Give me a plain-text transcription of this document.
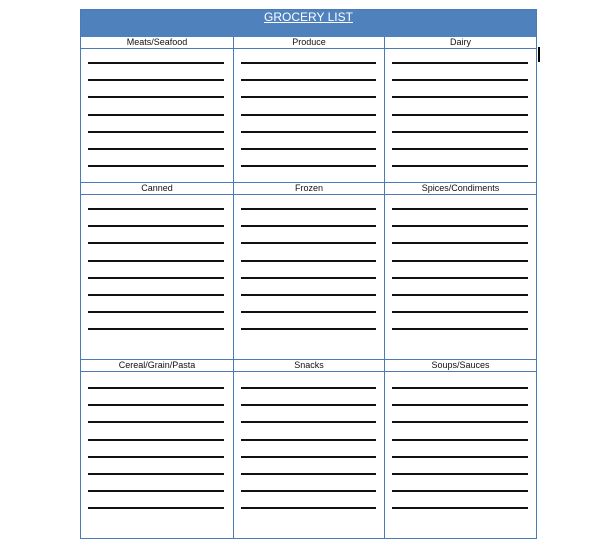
GROCERY LIST
Meats/Seafood	Produce	Dairy
Canned	Frozen	Spices/Condiments
Cereal/Grain/Pasta	Snacks	Soups/Sauces
